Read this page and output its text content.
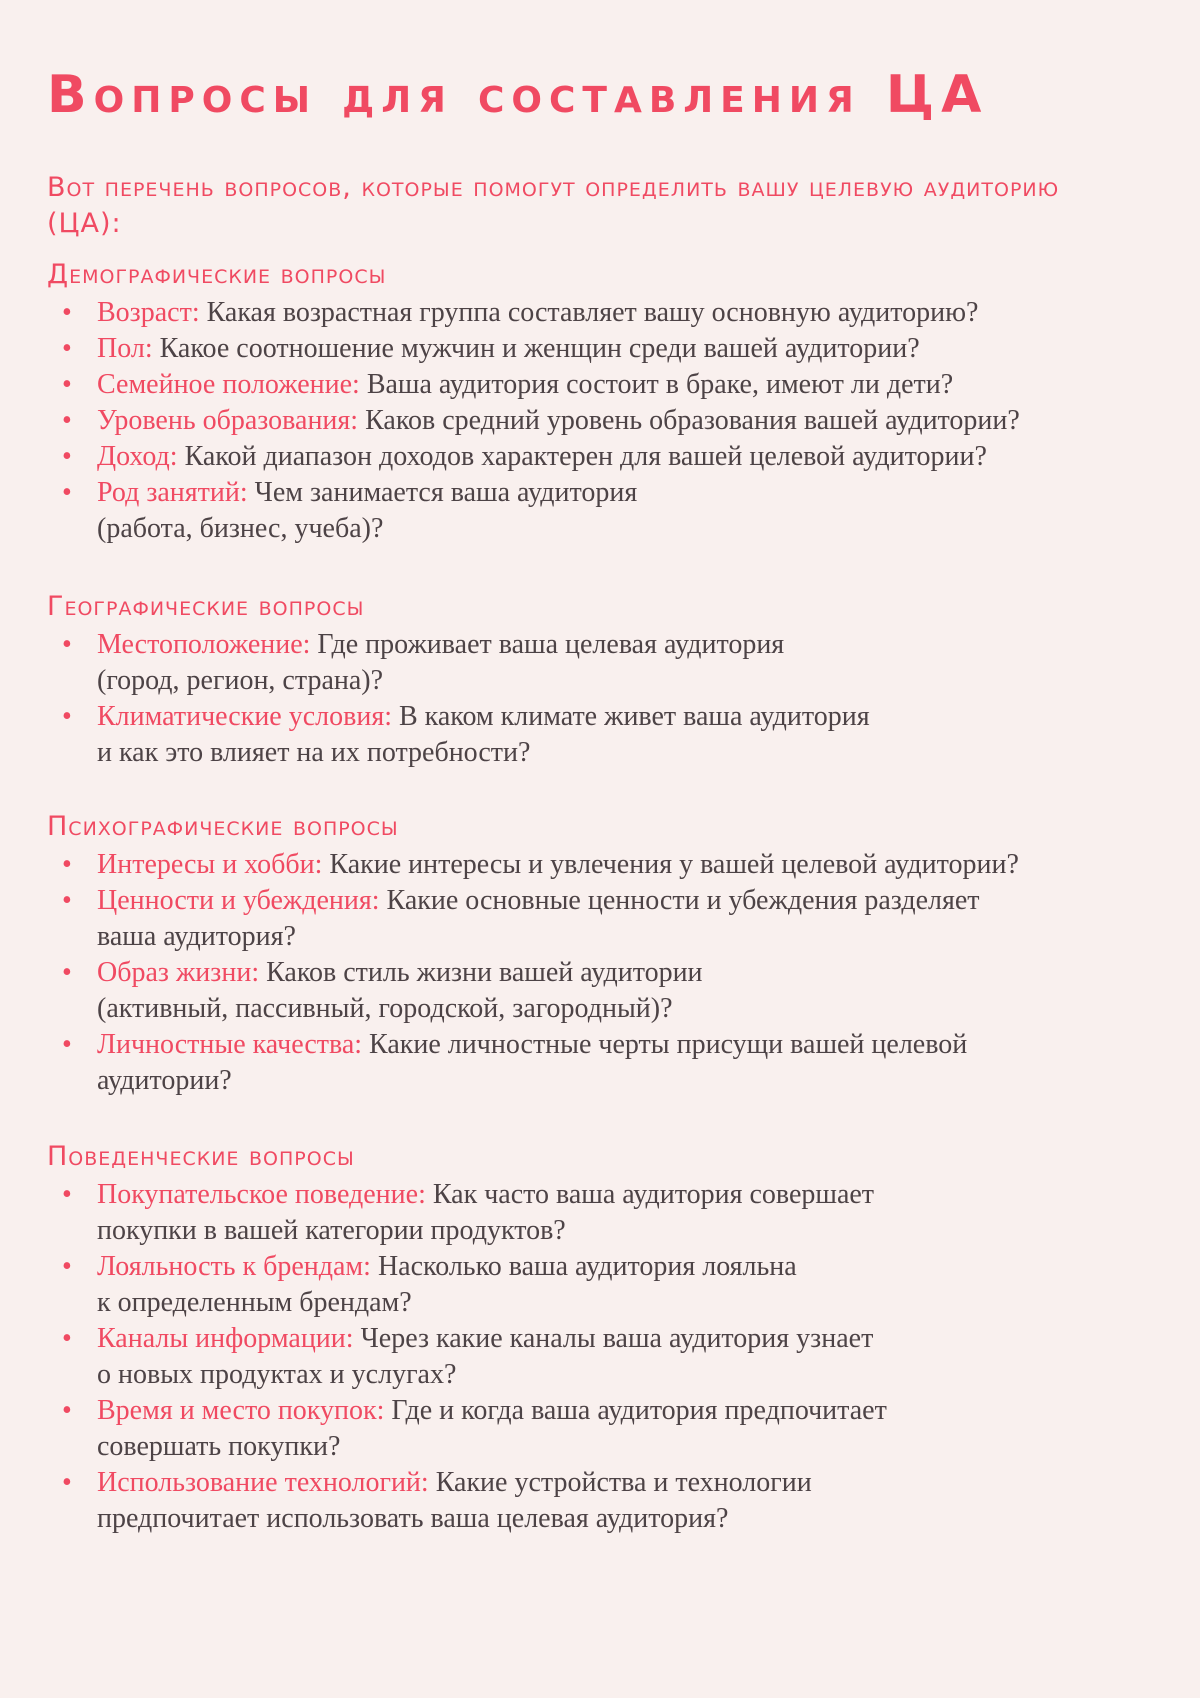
Вопросы для составления ЦА

Вот перечень вопросов, которые помогут определить вашу целевую аудиторию (ЦА):

Демографические вопросы
• Возраст: Какая возрастная группа составляет вашу основную аудиторию?
• Пол: Какое соотношение мужчин и женщин среди вашей аудитории?
• Семейное положение: Ваша аудитория состоит в браке, имеют ли дети?
• Уровень образования: Каков средний уровень образования вашей аудитории?
• Доход: Какой диапазон доходов характерен для вашей целевой аудитории?
• Род занятий: Чем занимается ваша аудитория
(работа, бизнес, учеба)?
Географические вопросы
• Местоположение: Где проживает ваша целевая аудитория
(город, регион, страна)?
• Климатические условия: В каком климате живет ваша аудитория
и как это влияет на их потребности?
Психографические вопросы
• Интересы и хобби: Какие интересы и увлечения у вашей целевой аудитории?
• Ценности и убеждения: Какие основные ценности и убеждения разделяет
ваша аудитория?
• Образ жизни: Каков стиль жизни вашей аудитории
(активный, пассивный, городской, загородный)?
• Личностные качества: Какие личностные черты присущи вашей целевой
аудитории?
Поведенческие вопросы
• Покупательское поведение: Как часто ваша аудитория совершает
покупки в вашей категории продуктов?
• Лояльность к брендам: Насколько ваша аудитория лояльна
к определенным брендам?
• Каналы информации: Через какие каналы ваша аудитория узнает
о новых продуктах и услугах?
• Время и место покупок: Где и когда ваша аудитория предпочитает
совершать покупки?
• Использование технологий: Какие устройства и технологии
предпочитает использовать ваша целевая аудитория?
